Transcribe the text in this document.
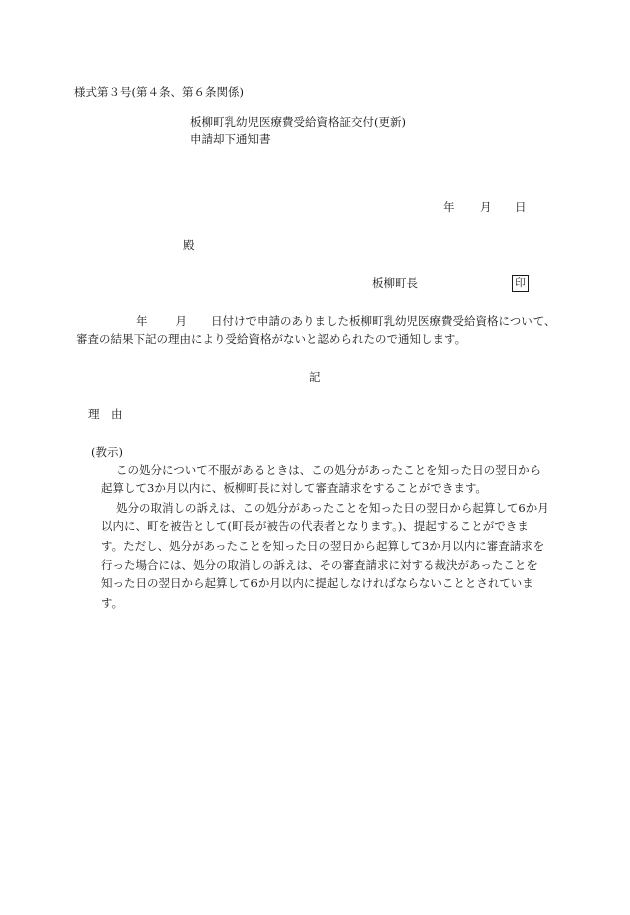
様式第３号(第４条、第６条関係)
板柳町乳幼児医療費受給資格証交付(更新)
申請却下通知書
年 月 日
殿
板柳町長	印
年 月 日付けで申請のありました板柳町乳幼児医療費受給資格について、
審査の結果下記の理由により受給資格がないと認められたので通知します。
記
理　由
(教示)
この処分について不服があるときは、この処分があったことを知った日の翌日から
起算して3か月以内に、板柳町長に対して審査請求をすることができます。
処分の取消しの訴えは、この処分があったことを知った日の翌日から起算して6か月
以内に、町を被告として(町長が被告の代表者となります。)、提起することができま
す。ただし、処分があったことを知った日の翌日から起算して3か月以内に審査請求を
行った場合には、処分の取消しの訴えは、その審査請求に対する裁決があったことを
知った日の翌日から起算して6か月以内に提起しなければならないこととされていま
す。
